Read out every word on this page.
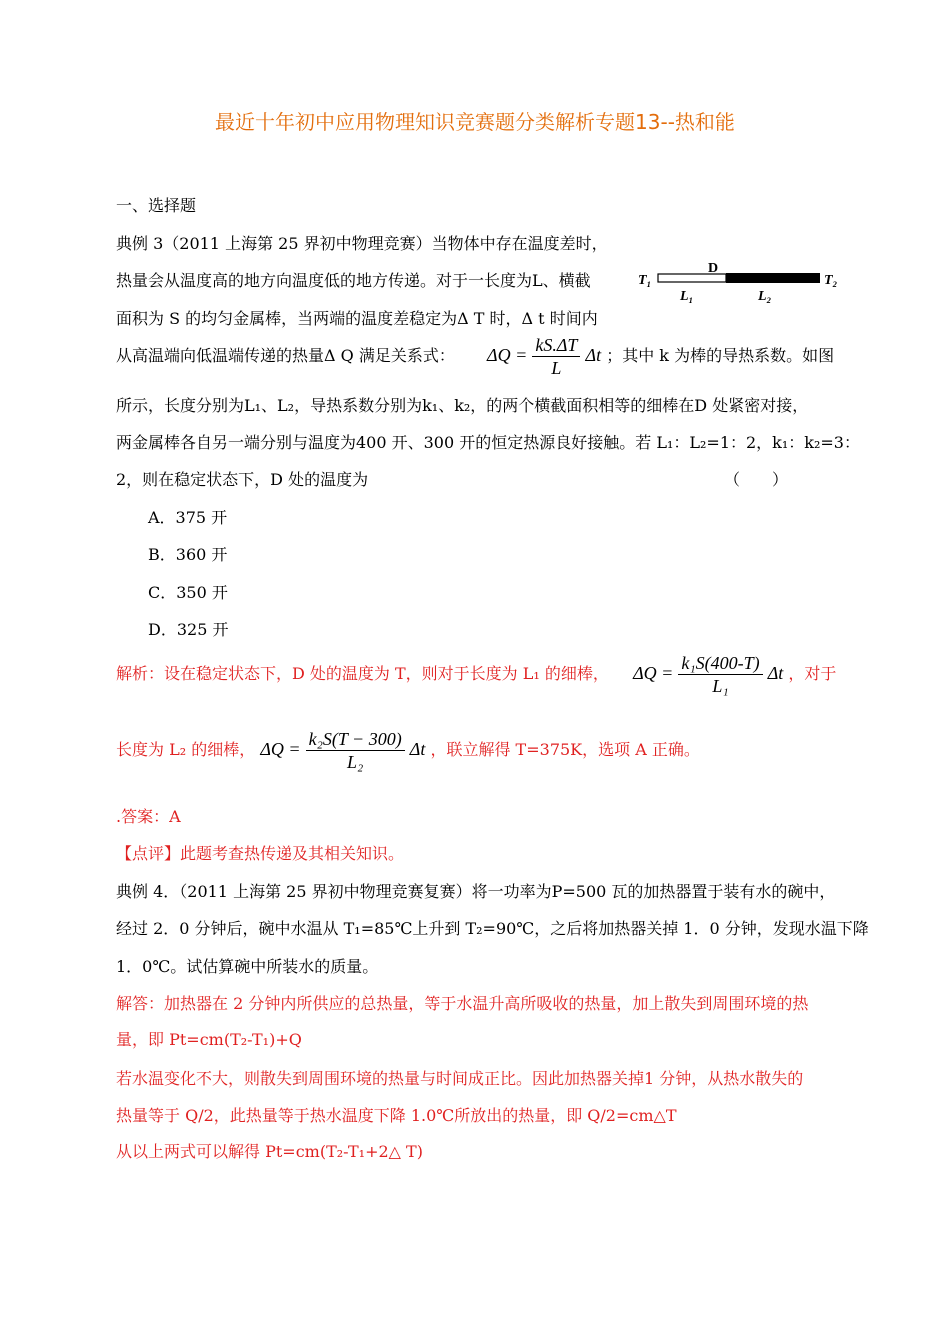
最近十年初中应用物理知识竞赛题分类解析专题13--热和能
一、选择题
典例 3（2011 上海第 25 界初中物理竞赛）当物体中存在温度差时，
热量会从温度高的地方向温度低的地方传递。对于一长度为L、横截
面积为 S 的均匀金属棒，当两端的温度差稳定为Δ T 时，Δ t 时间内
从高温端向低温端传递的热量Δ Q 满足关系式： $\Delta Q = \frac{kS.\Delta T}{L}$ Δt ；其中 k 为棒的导热系数。如图
所示，长度分别为L₁、L₂，导热系数分别为k₁、k₂，的两个横截面积相等的细棒在D 处紧密对接，
两金属棒各自另一端分别与温度为400 开、300 开的恒定热源良好接触。若 L₁：L₂=1：2，k₁：k₂=3：
2，则在稳定状态下，D 处的温度为	（　　）
A．375 开
B．360 开
C．350 开
D．325 开
T₁
D
T₂
L₁	L₂
解析：设在稳定状态下，D 处的温度为 T，则对于长度为 L₁ 的细棒， $\Delta Q = \frac{\text{k₁S(400-T)}}{\text{L₁}}$ Δt ，对于
长度为 L₂ 的细棒， $\Delta Q = \frac{\text{k₂S(T − 300)}}{\text{L₂}}$ Δt ，联立解得 T=375K，选项 A 正确。
.答案：A
【点评】此题考查热传递及其相关知识。
典例 4．（2011 上海第 25 界初中物理竞赛复赛）将一功率为P=500 瓦的加热器置于装有水的碗中，
经过 2．0 分钟后，碗中水温从 T₁=85℃上升到 T₂=90℃，之后将加热器关掉 1．0 分钟，发现水温下降
1．0℃。试估算碗中所装水的质量。
解答：加热器在 2 分钟内所供应的总热量，等于水温升高所吸收的热量，加上散失到周围环境的热
量，即 Pt=cm(T₂-T₁)+Q
若水温变化不大，则散失到周围环境的热量与时间成正比。因此加热器关掉1 分钟，从热水散失的
热量等于 Q/2，此热量等于热水温度下降 1.0℃所放出的热量，即 Q/2=cm△T
从以上两式可以解得 Pt=cm(T₂-T₁+2△ T)
